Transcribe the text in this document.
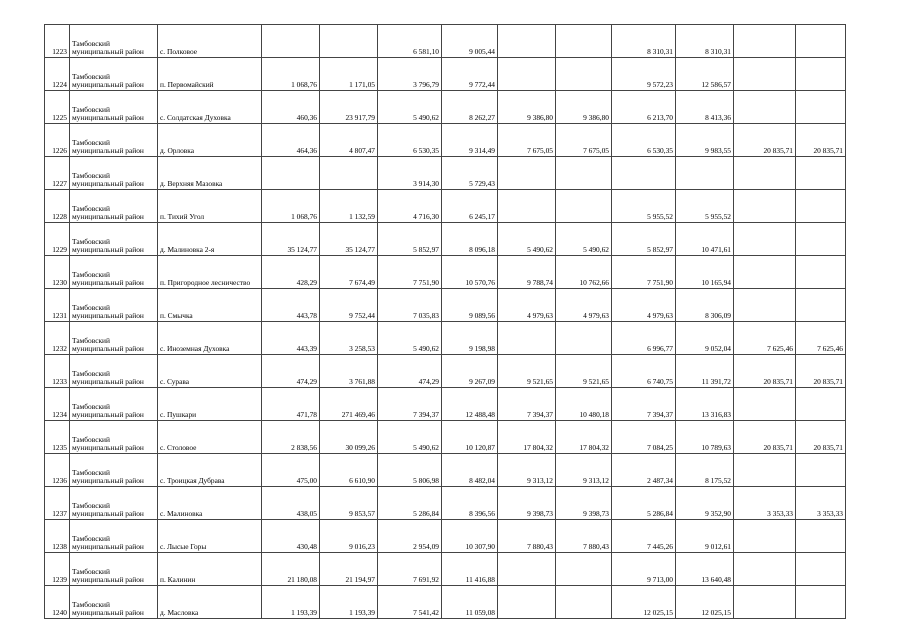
1223	Тамбовский муниципальный район	с. Полковое			6 581,10	9 005,44			8 310,31	8 310,31		
1224	Тамбовский муниципальный район	п. Первомайский	1 068,76	1 171,05	3 796,79	9 772,44			9 572,23	12 586,57		
1225	Тамбовский муниципальный район	с. Солдатская Духовка	460,36	23 917,79	5 490,62	8 262,27	9 386,80	9 386,80	6 213,70	8 413,36		
1226	Тамбовский муниципальный район	д. Орловка	464,36	4 807,47	6 530,35	9 314,49	7 675,05	7 675,05	6 530,35	9 983,55	20 835,71	20 835,71
1227	Тамбовский муниципальный район	д. Верхняя Мазовка			3 914,30	5 729,43						
1228	Тамбовский муниципальный район	п. Тихий Угол	1 068,76	1 132,59	4 716,30	6 245,17			5 955,52	5 955,52		
1229	Тамбовский муниципальный район	д. Малиновка 2-я	35 124,77	35 124,77	5 852,97	8 096,18	5 490,62	5 490,62	5 852,97	10 471,61		
1230	Тамбовский муниципальный район	п. Пригородное лесничество	428,29	7 674,49	7 751,90	10 570,76	9 788,74	10 762,66	7 751,90	10 165,94		
1231	Тамбовский муниципальный район	п. Смычка	443,78	9 752,44	7 035,83	9 089,56	4 979,63	4 979,63	4 979,63	8 306,09		
1232	Тамбовский муниципальный район	с. Иноземная Духовка	443,39	3 258,53	5 490,62	9 198,98			6 996,77	9 052,04	7 625,46	7 625,46
1233	Тамбовский муниципальный район	с. Сурава	474,29	3 761,88	474,29	9 267,09	9 521,65	9 521,65	6 740,75	11 391,72	20 835,71	20 835,71
1234	Тамбовский муниципальный район	с. Пушкари	471,78	271 469,46	7 394,37	12 488,48	7 394,37	10 480,18	7 394,37	13 316,83		
1235	Тамбовский муниципальный район	с. Столовое	2 838,56	30 099,26	5 490,62	10 120,87	17 804,32	17 804,32	7 084,25	10 789,63	20 835,71	20 835,71
1236	Тамбовский муниципальный район	с. Троицкая Дубрава	475,00	6 610,90	5 806,98	8 482,04	9 313,12	9 313,12	2 487,34	8 175,52		
1237	Тамбовский муниципальный район	с. Малиновка	438,05	9 853,57	5 286,84	8 396,56	9 398,73	9 398,73	5 286,84	9 352,90	3 353,33	3 353,33
1238	Тамбовский муниципальный район	с. Лысые Горы	430,48	9 016,23	2 954,09	10 307,90	7 880,43	7 880,43	7 445,26	9 012,61		
1239	Тамбовский муниципальный район	п. Калинин	21 180,08	21 194,97	7 691,92	11 416,88			9 713,00	13 640,48		
1240	Тамбовский муниципальный район	д. Масловка	1 193,39	1 193,39	7 541,42	11 059,08			12 025,15	12 025,15		
